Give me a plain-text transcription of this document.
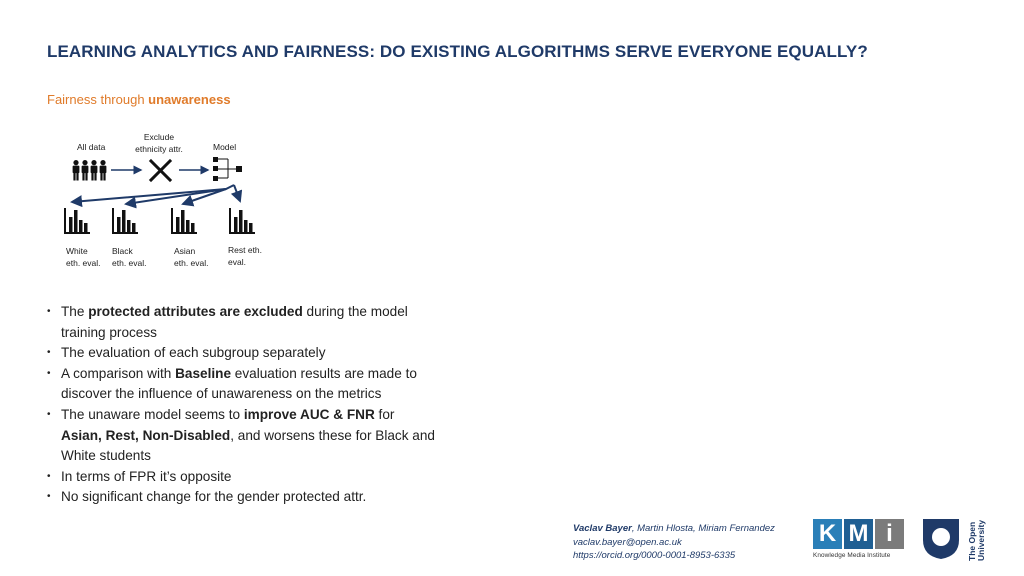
LEARNING ANALYTICS AND FAIRNESS: DO EXISTING ALGORITHMS SERVE EVERYONE EQUALLY?

Fairness through unawareness

All data
Exclude
ethnicity attr.	Model
White
eth. eval.
Black
eth. eval.
Asian
eth. eval.
Rest eth.
eval.
• The protected attributes are excluded during the model training process
• The evaluation of each subgroup separately
• A comparison with Baseline evaluation results are made to discover the influence of unawareness on the metrics
• The unaware model seems to improve AUC & FNR for Asian, Rest, Non-Disabled, and worsens these for Black and White students
• In terms of FPR it’s opposite
• No significant change for the gender protected attr.
Vaclav Bayer, Martin Hlosta, Miriam Fernandez
vaclav.bayer@open.ac.uk
https://orcid.org/0000-0001-8953-6335
K M i
Knowledge Media Institute	The Open University
